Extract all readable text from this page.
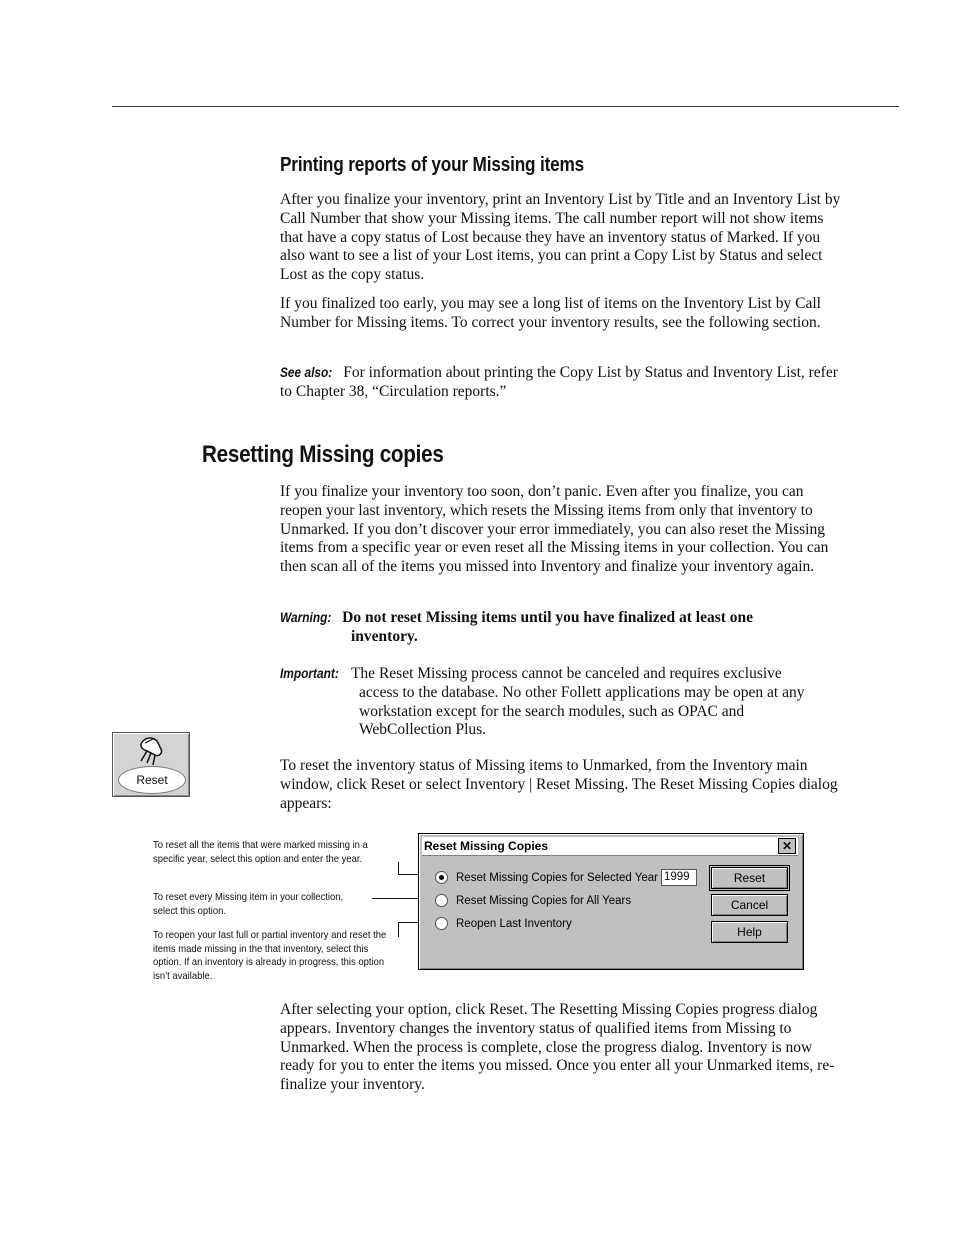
Printing reports of your Missing items

After you finalize your inventory, print an Inventory List by Title and an Inventory List by Call Number that show your Missing items. The call number report will not show items that have a copy status of Lost because they have an inventory status of Marked. If you also want to see a list of your Lost items, you can print a Copy List by Status and select Lost as the copy status.

If you finalized too early, you may see a long list of items on the Inventory List by Call Number for Missing items. To correct your inventory results, see the following section.

See also: For information about printing the Copy List by Status and Inventory List, refer to Chapter 38, “Circulation reports.”

Resetting Missing copies

If you finalize your inventory too soon, don’t panic. Even after you finalize, you can reopen your last inventory, which resets the Missing items from only that inventory to Unmarked. If you don’t discover your error immediately, you can also reset the Missing items from a specific year or even reset all the Missing items in your collection. You can then scan all of the items you missed into Inventory and finalize your inventory again.

Warning: Do not reset Missing items until you have finalized at least one
inventory.
Important: The Reset Missing process cannot be canceled and requires exclusive
access to the database. No other Follett applications may be open at any workstation except for the search modules, such as OPAC and WebCollection Plus.
Reset

To reset the inventory status of Missing items to Unmarked, from the Inventory main window, click Reset or select Inventory | Reset Missing. The Reset Missing Copies dialog appears:

To reset all the items that were marked missing in a specific year, select this option and enter the year.
To reset every Missing item in your collection, select this option.
To reopen your last full or partial inventory and reset the items made missing in the that inventory, select this option. If an inventory is already in progress, this option isn’t available.
Reset Missing Copies	✕
Reset Missing Copies for Selected Year 1999
Reset Missing Copies for All Years
Reopen Last Inventory
Reset
Cancel
Help

After selecting your option, click Reset. The Resetting Missing Copies progress dialog appears. Inventory changes the inventory status of qualified items from Missing to Unmarked. When the process is complete, close the progress dialog. Inventory is now ready for you to enter the items you missed. Once you enter all your Unmarked items, re-finalize your inventory.
